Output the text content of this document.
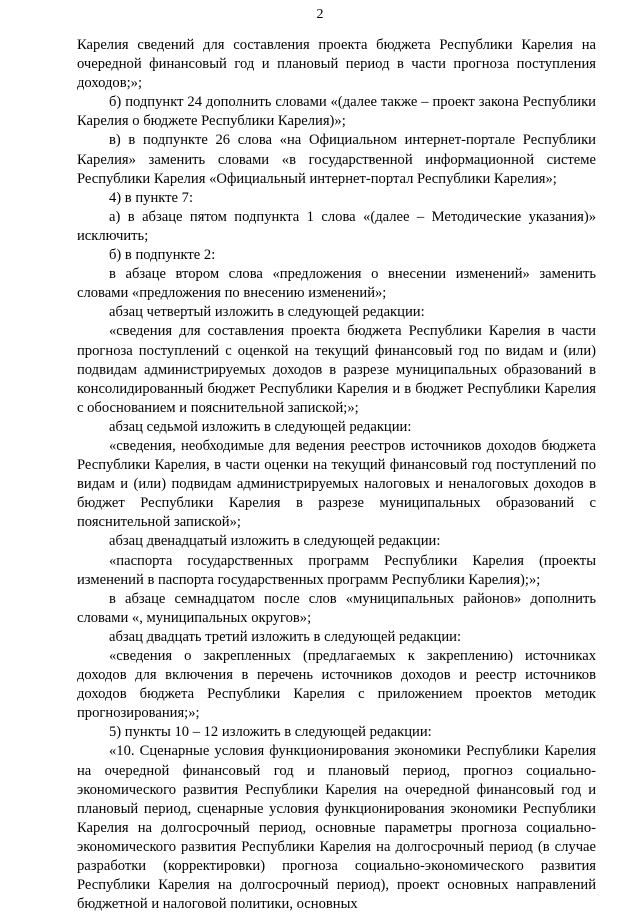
2

Карелия сведений для составления проекта бюджета Республики Карелия на очередной финансовый год и плановый период в части прогноза поступления доходов;»;

б) подпункт 24 дополнить словами «(далее также – проект закона Республики Карелия о бюджете Республики Карелия)»;

в) в подпункте 26 слова «на Официальном интернет-портале Республики Карелия» заменить словами «в государственной информационной системе Республики Карелия «Официальный интернет-портал Республики Карелия»;

4) в пункте 7:

а) в абзаце пятом подпункта 1 слова «(далее – Методические указания)» исключить;

б) в подпункте 2:

в абзаце втором слова «предложения о внесении изменений» заменить словами «предложения по внесению изменений»;

абзац четвертый изложить в следующей редакции:

«сведения для составления проекта бюджета Республики Карелия в части прогноза поступлений с оценкой на текущий финансовый год по видам и (или) подвидам администрируемых доходов в разрезе муниципальных образований в консолидированный бюджет Республики Карелия и в бюджет Республики Карелия с обоснованием и пояснительной запиской;»;

абзац седьмой изложить в следующей редакции:

«сведения, необходимые для ведения реестров источников доходов бюджета Республики Карелия, в части оценки на текущий финансовый год поступлений по видам и (или) подвидам администрируемых налоговых и неналоговых доходов в бюджет Республики Карелия в разрезе муниципальных образований с пояснительной запиской»;

абзац двенадцатый изложить в следующей редакции:

«паспорта государственных программ Республики Карелия (проекты изменений в паспорта государственных программ Республики Карелия);»;

в абзаце семнадцатом после слов «муниципальных районов» дополнить словами «, муниципальных округов»;

абзац двадцать третий изложить в следующей редакции:

«сведения о закрепленных (предлагаемых к закреплению) источниках доходов для включения в перечень источников доходов и реестр источников доходов бюджета Республики Карелия с приложением проектов методик прогнозирования;»;

5) пункты 10 – 12 изложить в следующей редакции:

«10. Сценарные условия функционирования экономики Республики Карелия на очередной финансовый год и плановый период, прогноз социально-экономического развития Республики Карелия на очередной финансовый год и плановый период, сценарные условия функционирования экономики Республики Карелия на долгосрочный период, основные параметры прогноза социально-экономического развития Республики Карелия на долгосрочный период (в случае разработки (корректировки) прогноза социально-экономического развития Республики Карелия на долгосрочный период), проект основных направлений бюджетной и налоговой политики, основных
